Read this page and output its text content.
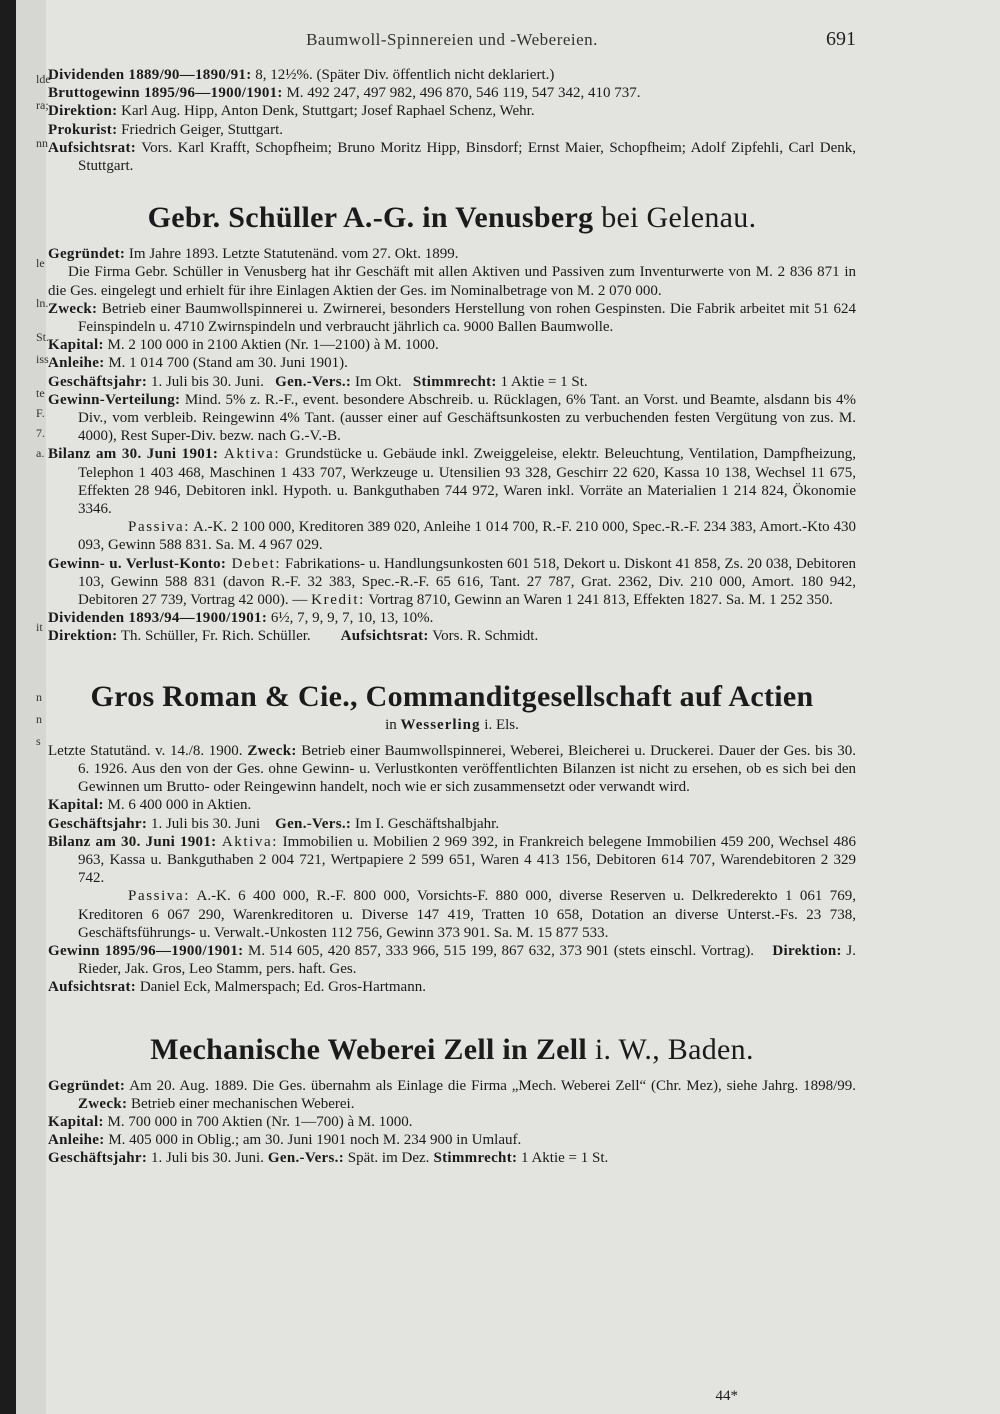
lde
ra;
nn
le
ln.
St.
iss
te
F.
7.
a.
it
n
n
s
Baumwoll-Spinnereien und -Webereien.	691

Dividenden 1889/90—1890/91: 8, 12½%. (Später Div. öffentlich nicht deklariert.)

Bruttogewinn 1895/96—1900/1901: M. 492 247, 497 982, 496 870, 546 119, 547 342, 410 737.

Direktion: Karl Aug. Hipp, Anton Denk, Stuttgart; Josef Raphael Schenz, Wehr.

Prokurist: Friedrich Geiger, Stuttgart.

Aufsichtsrat: Vors. Karl Krafft, Schopfheim; Bruno Moritz Hipp, Binsdorf; Ernst Maier, Schopfheim; Adolf Zipfehli, Carl Denk, Stuttgart.

Gebr. Schüller A.-G. in Venusberg bei Gelenau.

Gegründet: Im Jahre 1893. Letzte Statutenänd. vom 27. Okt. 1899.

Die Firma Gebr. Schüller in Venusberg hat ihr Geschäft mit allen Aktiven und Passiven zum Inventurwerte von M. 2 836 871 in die Ges. eingelegt und erhielt für ihre Einlagen Aktien der Ges. im Nominalbetrage von M. 2 070 000.

Zweck: Betrieb einer Baumwollspinnerei u. Zwirnerei, besonders Herstellung von rohen Gespinsten. Die Fabrik arbeitet mit 51 624 Feinspindeln u. 4710 Zwirnspindeln und verbraucht jährlich ca. 9000 Ballen Baumwolle.

Kapital: M. 2 100 000 in 2100 Aktien (Nr. 1—2100) à M. 1000.

Anleihe: M. 1 014 700 (Stand am 30. Juni 1901).

Geschäftsjahr: 1. Juli bis 30. Juni. Gen.-Vers.: Im Okt. Stimmrecht: 1 Aktie = 1 St.

Gewinn-Verteilung: Mind. 5% z. R.-F., event. besondere Abschreib. u. Rücklagen, 6% Tant. an Vorst. und Beamte, alsdann bis 4% Div., vom verbleib. Reingewinn 4% Tant. (ausser einer auf Geschäftsunkosten zu verbuchenden festen Vergütung von zus. M. 4000), Rest Super-Div. bezw. nach G.-V.-B.

Bilanz am 30. Juni 1901: Aktiva: Grundstücke u. Gebäude inkl. Zweiggeleise, elektr. Beleuchtung, Ventilation, Dampfheizung, Telephon 1 403 468, Maschinen 1 433 707, Werkzeuge u. Utensilien 93 328, Geschirr 22 620, Kassa 10 138, Wechsel 11 675, Effekten 28 946, Debitoren inkl. Hypoth. u. Bankguthaben 744 972, Waren inkl. Vorräte an Materialien 1 214 824, Ökonomie 3346.

Passiva: A.-K. 2 100 000, Kreditoren 389 020, Anleihe 1 014 700, R.-F. 210 000, Spec.-R.-F. 234 383, Amort.-Kto 430 093, Gewinn 588 831. Sa. M. 4 967 029.

Gewinn- u. Verlust-Konto: Debet: Fabrikations- u. Handlungsunkosten 601 518, Dekort u. Diskont 41 858, Zs. 20 038, Debitoren 103, Gewinn 588 831 (davon R.-F. 32 383, Spec.-R.-F. 65 616, Tant. 27 787, Grat. 2362, Div. 210 000, Amort. 180 942, Debitoren 27 739, Vortrag 42 000). — Kredit: Vortrag 8710, Gewinn an Waren 1 241 813, Effekten 1827. Sa. M. 1 252 350.

Dividenden 1893/94—1900/1901: 6½, 7, 9, 9, 7, 10, 13, 10%.

Direktion: Th. Schüller, Fr. Rich. Schüller. Aufsichtsrat: Vors. R. Schmidt.

Gros Roman & Cie., Commanditgesellschaft auf Actien
in Wesserling i. Els.

Letzte Statutänd. v. 14./8. 1900. Zweck: Betrieb einer Baumwollspinnerei, Weberei, Bleicherei u. Druckerei. Dauer der Ges. bis 30. 6. 1926. Aus den von der Ges. ohne Gewinn- u. Verlustkonten veröffentlichten Bilanzen ist nicht zu ersehen, ob es sich bei den Gewinnen um Brutto- oder Reingewinn handelt, noch wie er sich zusammensetzt oder verwandt wird.

Kapital: M. 6 400 000 in Aktien.

Geschäftsjahr: 1. Juli bis 30. Juni Gen.-Vers.: Im I. Geschäftshalbjahr.

Bilanz am 30. Juni 1901: Aktiva: Immobilien u. Mobilien 2 969 392, in Frankreich belegene Immobilien 459 200, Wechsel 486 963, Kassa u. Bankguthaben 2 004 721, Wertpapiere 2 599 651, Waren 4 413 156, Debitoren 614 707, Warendebitoren 2 329 742.

Passiva: A.-K. 6 400 000, R.-F. 800 000, Vorsichts-F. 880 000, diverse Reserven u. Delkrederekto 1 061 769, Kreditoren 6 067 290, Warenkreditoren u. Diverse 147 419, Tratten 10 658, Dotation an diverse Unterst.-Fs. 23 738, Geschäftsführungs- u. Verwalt.-Unkosten 112 756, Gewinn 373 901. Sa. M. 15 877 533.

Gewinn 1895/96—1900/1901: M. 514 605, 420 857, 333 966, 515 199, 867 632, 373 901 (stets einschl. Vortrag). Direktion: J. Rieder, Jak. Gros, Leo Stamm, pers. haft. Ges.

Aufsichtsrat: Daniel Eck, Malmerspach; Ed. Gros-Hartmann.

Mechanische Weberei Zell in Zell i. W., Baden.

Gegründet: Am 20. Aug. 1889. Die Ges. übernahm als Einlage die Firma „Mech. Weberei Zell“ (Chr. Mez), siehe Jahrg. 1898/99. Zweck: Betrieb einer mechanischen Weberei.

Kapital: M. 700 000 in 700 Aktien (Nr. 1—700) à M. 1000.

Anleihe: M. 405 000 in Oblig.; am 30. Juni 1901 noch M. 234 900 in Umlauf.

Geschäftsjahr: 1. Juli bis 30. Juni. Gen.-Vers.: Spät. im Dez. Stimmrecht: 1 Aktie = 1 St.

44*
